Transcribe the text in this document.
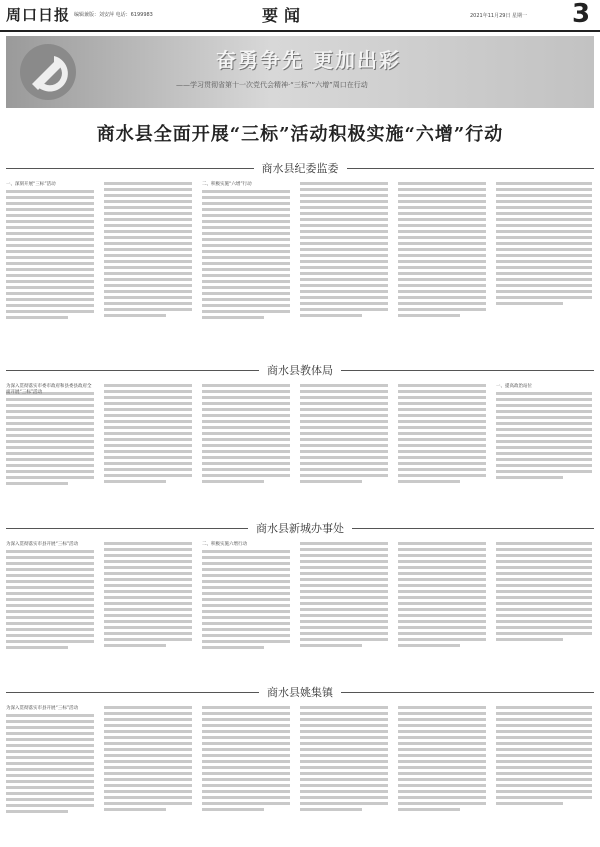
周口日报 编辑兼版：刘安萍 电话：6199983	要闻	2021年11月29日 星期一 3
奋勇争先 更加出彩
——学习贯彻省第十一次党代会精神·“三标”“六增”周口在行动
商水县全面开展“三标”活动积极实施“六增”行动
商水县纪委监委
一、深刻开展“三标”活动	二、积极实施“六增”行动
商水县教体局
为深入贯彻落实市委市政府和县委县政府全面开展“三标”活动
一、提高政治站位
商水县新城办事处
为深入贯彻落实市县开展“三标”活动	二、积极实施六增行动
商水县姚集镇
为深入贯彻落实市县开展“三标”活动
